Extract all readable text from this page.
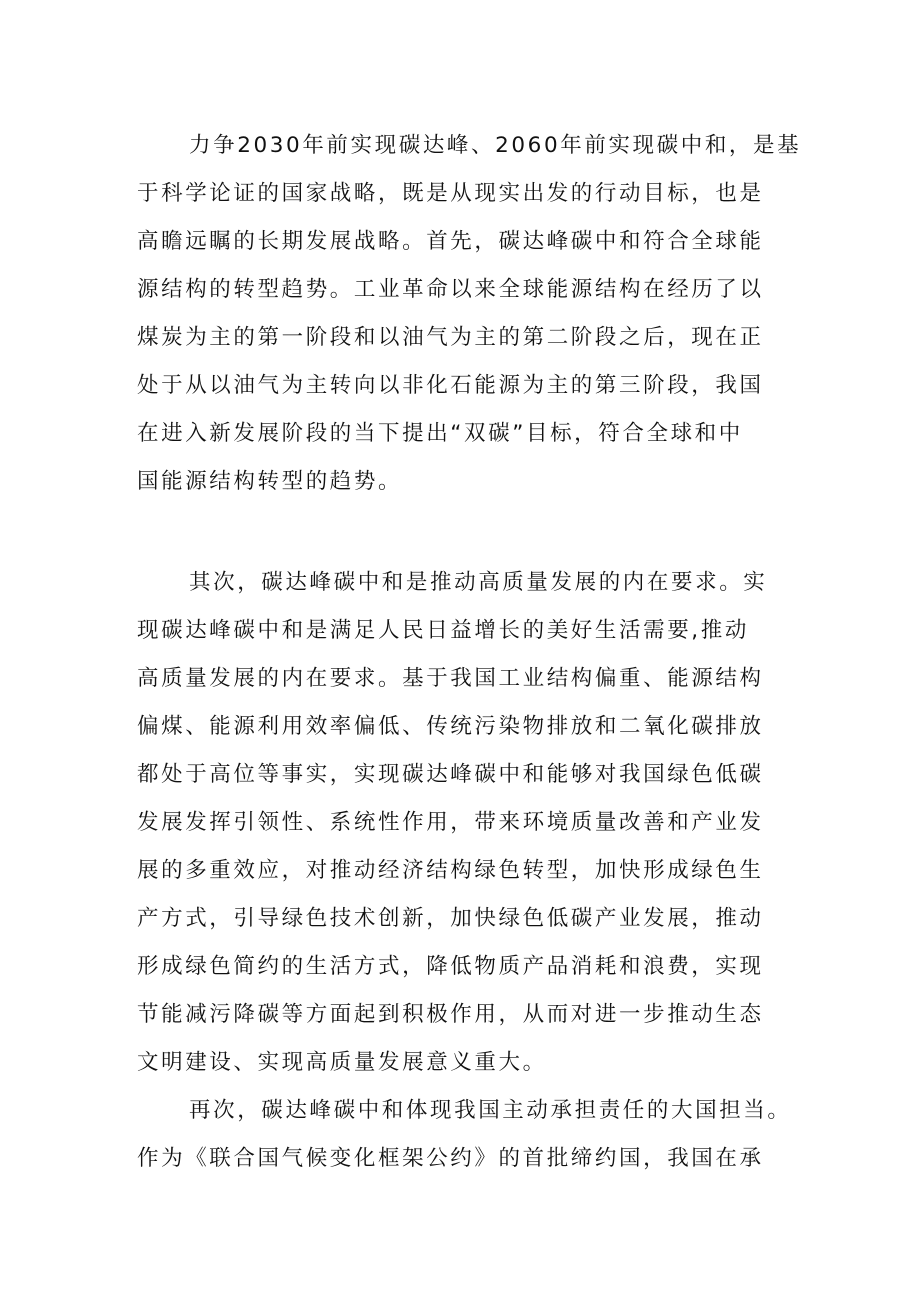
力争2030年前实现碳达峰、2060年前实现碳中和，是基
于科学论证的国家战略，既是从现实出发的行动目标，也是
高瞻远瞩的长期发展战略。首先，碳达峰碳中和符合全球能
源结构的转型趋势。工业革命以来全球能源结构在经历了以
煤炭为主的第一阶段和以油气为主的第二阶段之后，现在正
处于从以油气为主转向以非化石能源为主的第三阶段，我国
在进入新发展阶段的当下提出“双碳”目标，符合全球和中
国能源结构转型的趋势。
其次，碳达峰碳中和是推动高质量发展的内在要求。实
现碳达峰碳中和是满足人民日益增长的美好生活需要,推动
高质量发展的内在要求。基于我国工业结构偏重、能源结构
偏煤、能源利用效率偏低、传统污染物排放和二氧化碳排放
都处于高位等事实，实现碳达峰碳中和能够对我国绿色低碳
发展发挥引领性、系统性作用，带来环境质量改善和产业发
展的多重效应，对推动经济结构绿色转型，加快形成绿色生
产方式，引导绿色技术创新，加快绿色低碳产业发展，推动
形成绿色简约的生活方式，降低物质产品消耗和浪费，实现
节能减污降碳等方面起到积极作用，从而对进一步推动生态
文明建设、实现高质量发展意义重大。
再次，碳达峰碳中和体现我国主动承担责任的大国担当。
作为《联合国气候变化框架公约》的首批缔约国，我国在承
